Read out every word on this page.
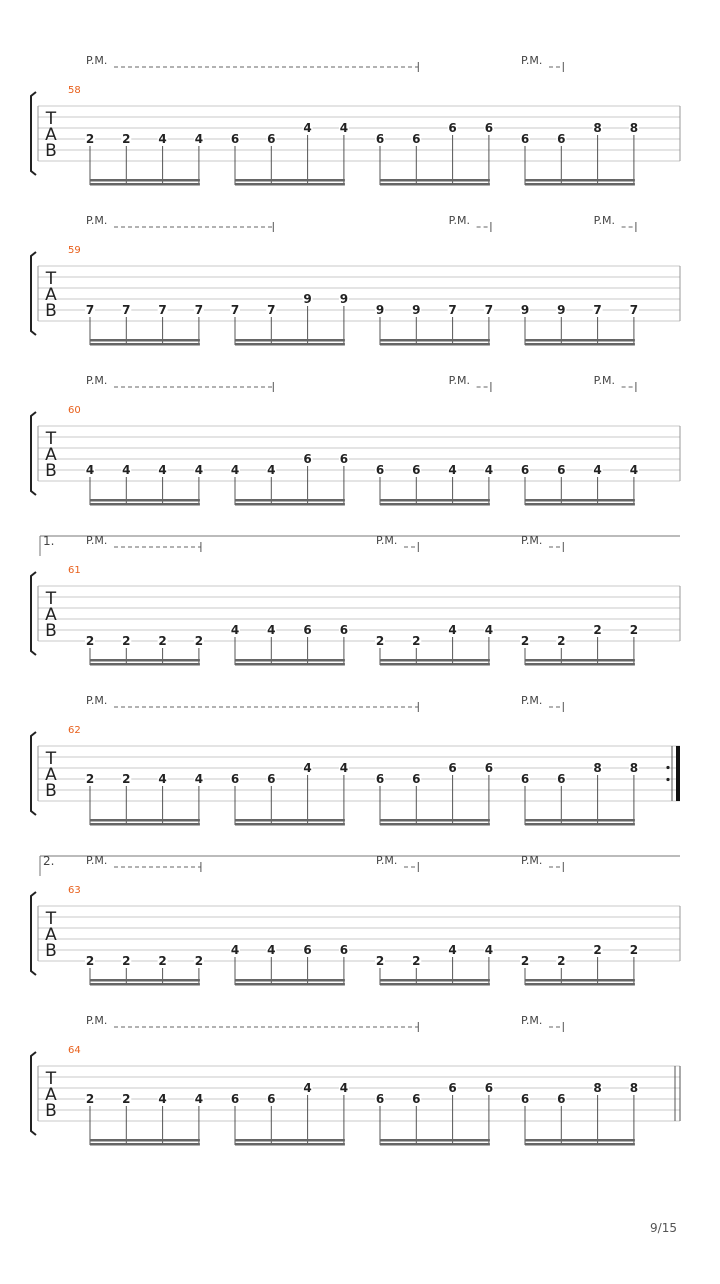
T
A
B
58
P.M.	P.M.
2 2 4 4 6 6
4 4
6 6
6 6
6 6
8 8
T
A
B
59
P.M.	P.M.	P.M.
7 7 7 7 7 7
9 9
9 9 7 7 9 9 7 7
T
A
B
60
P.M.	P.M.	P.M.
4 4 4 4 4 4
6 6
6 6 4 4 6 6 4 4
T
A
B
61
1.	P.M.	P.M.	P.M.
2 2 2 2
4 4 6 6
2 2
4 4
2 2
2 2
T
A
B
62
P.M.	P.M.
2 2 4 4 6 6
4 4
6 6
6 6
6 6
8 8
T
A
B
63
2.	P.M.	P.M.	P.M.
2 2 2 2
4 4 6 6
2 2
4 4
2 2
2 2
T
A
B
64
P.M.	P.M.
2 2 4 4 6 6
4 4
6 6
6 6
6 6
8 8
9/15
